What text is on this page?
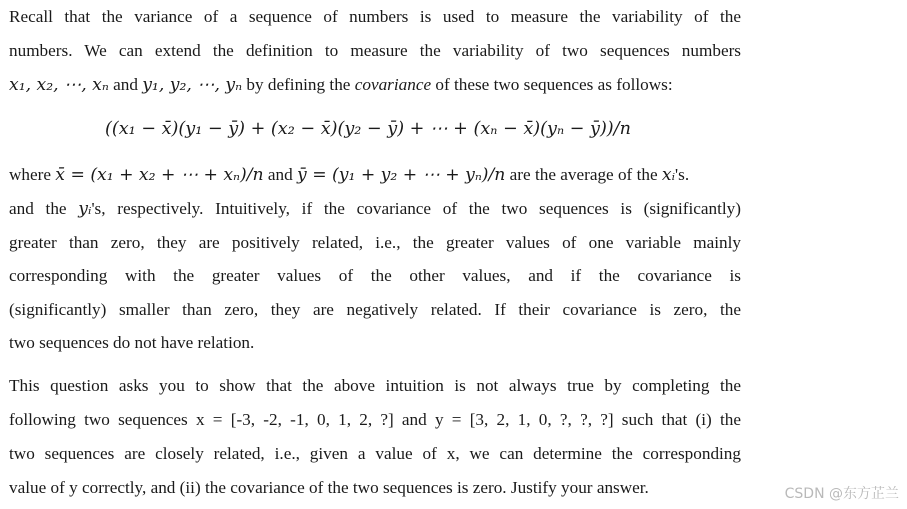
Recall that the variance of a sequence of numbers is used to measure the variability of the
numbers. We can extend the definition to measure the variability of two sequences numbers
x₁, x₂, ⋯, xₙ and y₁, y₂, ⋯, yₙ by defining the covariance of these two sequences as follows:
((x₁ − x̄)(y₁ − ȳ) + (x₂ − x̄)(y₂ − ȳ) + ⋯ + (xₙ − x̄)(yₙ − ȳ))/n
where x̄ = (x₁ + x₂ + ⋯ + xₙ)/n and ȳ = (y₁ + y₂ + ⋯ + yₙ)/n are the average of the xᵢ's.
and the yᵢ's, respectively. Intuitively, if the covariance of the two sequences is (significantly)
greater than zero, they are positively related, i.e., the greater values of one variable mainly
corresponding with the greater values of the other values, and if the covariance is
(significantly) smaller than zero, they are negatively related. If their covariance is zero, the
two sequences do not have relation.
This question asks you to show that the above intuition is not always true by completing the
following two sequences x = [-3, -2, -1, 0, 1, 2, ?] and y = [3, 2, 1, 0, ?, ?, ?] such that (i) the
two sequences are closely related, i.e., given a value of x, we can determine the corresponding
value of y correctly, and (ii) the covariance of the two sequences is zero. Justify your answer.	CSDN @东方芷兰
